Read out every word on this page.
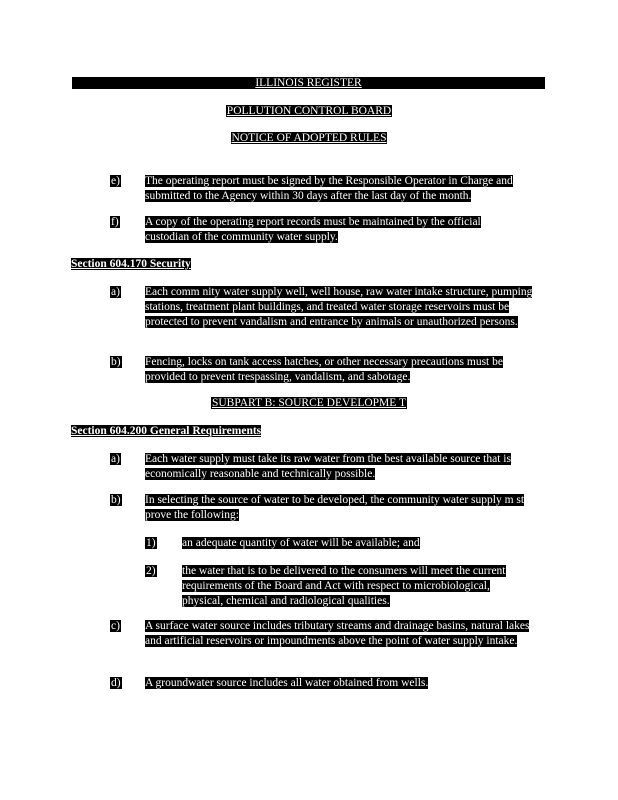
ILLINOIS REGISTER
POLLUTION CONTROL BOARD
NOTICE OF ADOPTED RULES
e) The operating report must be signed by the Responsible Operator in Charge and submitted to the Agency within 30 days after the last day of the month.
f) A copy of the operating report records must be maintained by the official custodian of the community water supply.
Section 604.170 Security
a) Each comm nity water supply well, well house, raw water intake structure, pumping stations, treatment plant buildings, and treated water storage reservoirs must be protected to prevent vandalism and entrance by animals or unauthorized persons.
b) Fencing, locks on tank access hatches, or other necessary precautions must be provided to prevent trespassing, vandalism, and sabotage.
SUBPART B: SOURCE DEVELOPME T
Section 604.200 General Requirements
a) Each water supply must take its raw water from the best available source that is economically reasonable and technically possible.
b) In selecting the source of water to be developed, the community water supply m st prove the following:
1) an adequate quantity of water will be available; and
2) the water that is to be delivered to the consumers will meet the current requirements of the Board and Act with respect to microbiological, physical, chemical and radiological qualities.
c) A surface water source includes tributary streams and drainage basins, natural lakes and artificial reservoirs or impoundments above the point of water supply intake.
d) A groundwater source includes all water obtained from wells.
